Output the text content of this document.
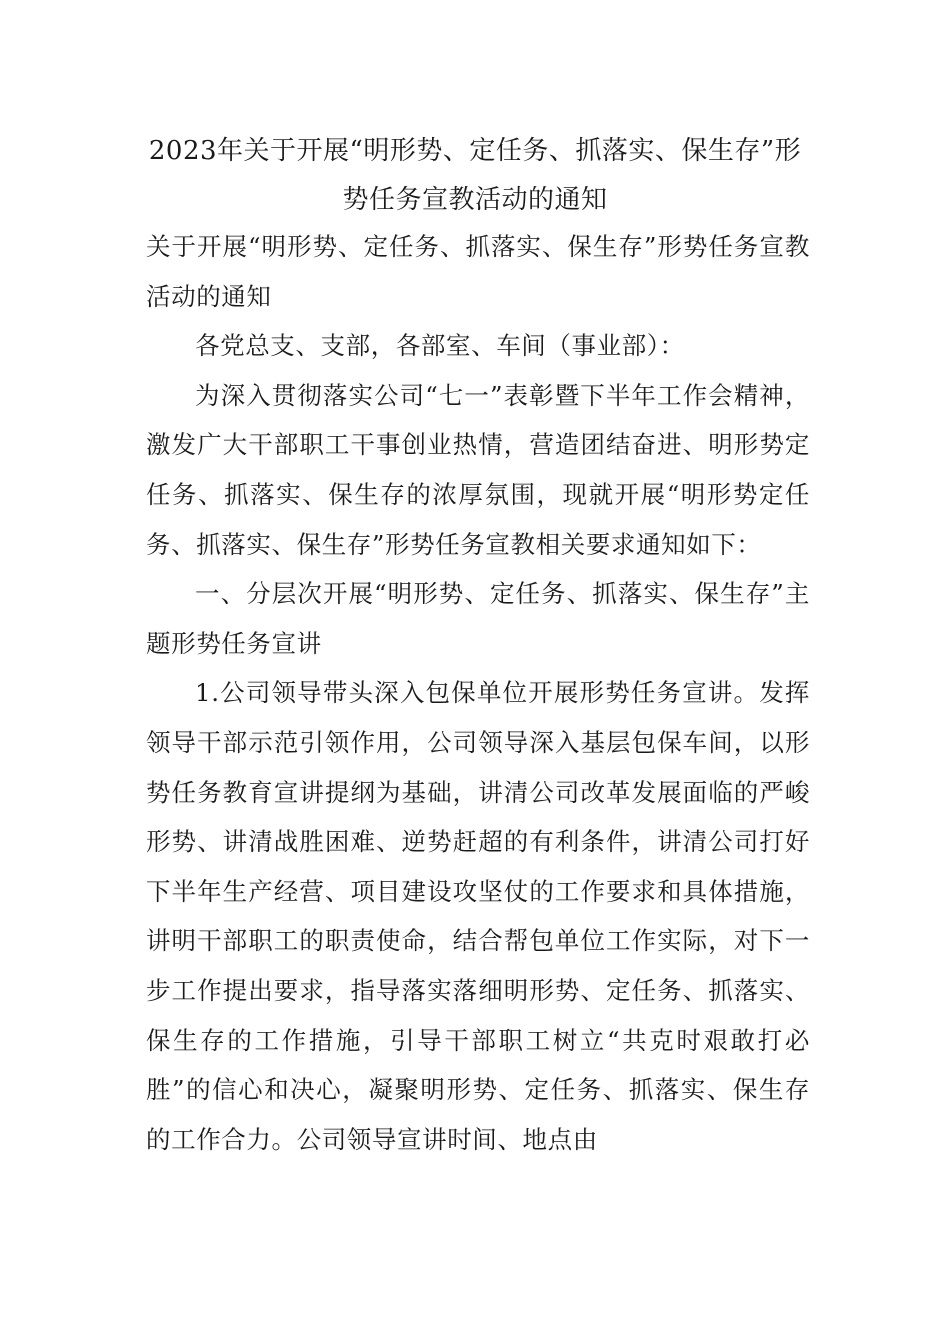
2023年关于开展“明形势、定任务、抓落实、保生存”形
势任务宣教活动的通知

关于开展“明形势、定任务、抓落实、保生存”形势任务宣教活动的通知

各党总支、支部，各部室、车间（事业部）：

为深入贯彻落实公司“七一”表彰暨下半年工作会精神，激发广大干部职工干事创业热情，营造团结奋进、明形势定任务、抓落实、保生存的浓厚氛围，现就开展“明形势定任务、抓落实、保生存”形势任务宣教相关要求通知如下：

一、分层次开展“明形势、定任务、抓落实、保生存”主题形势任务宣讲

1.公司领导带头深入包保单位开展形势任务宣讲。发挥领导干部示范引领作用，公司领导深入基层包保车间，以形势任务教育宣讲提纲为基础，讲清公司改革发展面临的严峻形势、讲清战胜困难、逆势赶超的有利条件，讲清公司打好下半年生产经营、项目建设攻坚仗的工作要求和具体措施，讲明干部职工的职责使命，结合帮包单位工作实际，对下一步工作提出要求，指导落实落细明形势、定任务、抓落实、保生存的工作措施，引导干部职工树立“共克时艰敢打必胜”的信心和决心，凝聚明形势、定任务、抓落实、保生存的工作合力。公司领导宣讲时间、地点由
